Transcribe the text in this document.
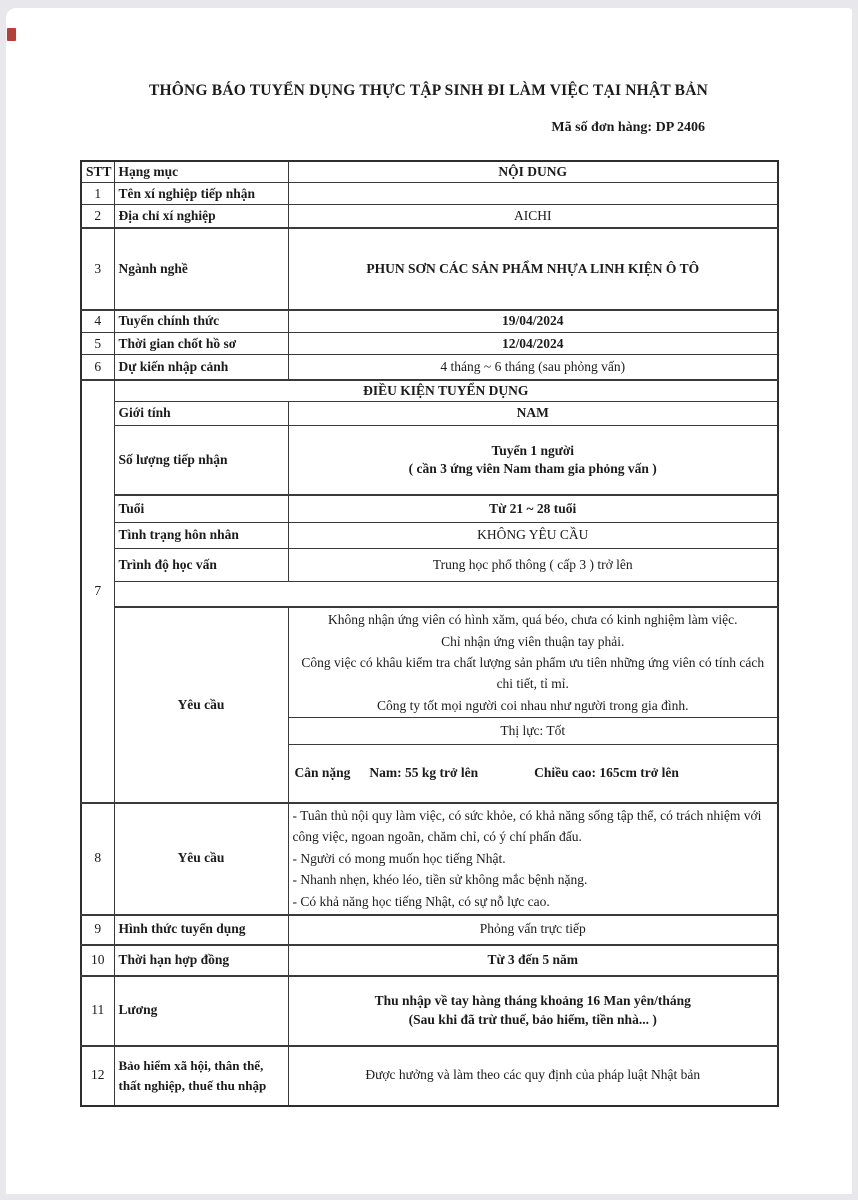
THÔNG BÁO TUYỂN DỤNG THỰC TẬP SINH ĐI LÀM VIỆC TẠI NHẬT BẢN
Mã số đơn hàng: DP 2406
STT	Hạng mục	NỘI DUNG
1	Tên xí nghiệp tiếp nhận	
2	Địa chỉ xí nghiệp	AICHI
3	Ngành nghề	PHUN SƠN CÁC SẢN PHẨM NHỰA LINH KIỆN Ô TÔ
4	Tuyển chính thức	19/04/2024
5	Thời gian chốt hồ sơ	12/04/2024
6	Dự kiến nhập cảnh	4 tháng ~ 6 tháng (sau phỏng vấn)
7	ĐIỀU KIỆN TUYỂN DỤNG	
	Giới tính	NAM
	Số lượng tiếp nhận	Tuyển 1 người
( cần 3 ứng viên Nam tham gia phỏng vấn )

	Tuổi	Từ 21 ~ 28 tuổi
	Tình trạng hôn nhân	KHÔNG YÊU CẦU
	Trình độ học vấn	Trung học phổ thông ( cấp 3 ) trở lên

	Yêu cầu	Không nhận ứng viên có hình xăm, quá béo, chưa có kinh nghiệm làm việc.
Chỉ nhận ứng viên thuận tay phải.
Công việc có khâu kiểm tra chất lượng sản phẩm ưu tiên những ứng viên có tính cách chi tiết, tỉ mỉ.
Công ty tốt mọi người coi nhau như người trong gia đình.

		Thị lực: Tốt

		Cân nặng Nam: 55 kg trở lên Chiều cao: 165cm trở lên

8	Yêu cầu	- Tuân thủ nội quy làm việc, có sức khỏe, có khả năng sống tập thể, có trách nhiệm với công việc, ngoan ngoãn, chăm chỉ, có ý chí phấn đấu.
- Người có mong muốn học tiếng Nhật.
- Nhanh nhẹn, khéo léo, tiền sử không mắc bệnh nặng.
- Có khả năng học tiếng Nhật, có sự nỗ lực cao.

9	Hình thức tuyển dụng	Phỏng vấn trực tiếp
10	Thời hạn hợp đồng	Từ 3 đến 5 năm
11	Lương	Thu nhập về tay hàng tháng khoảng 16 Man yên/tháng
(Sau khi đã trừ thuế, bảo hiểm, tiền nhà... )

12	Bảo hiểm xã hội, thân thể, thất nghiệp, thuế thu nhập	Được hưởng và làm theo các quy định của pháp luật Nhật bản
